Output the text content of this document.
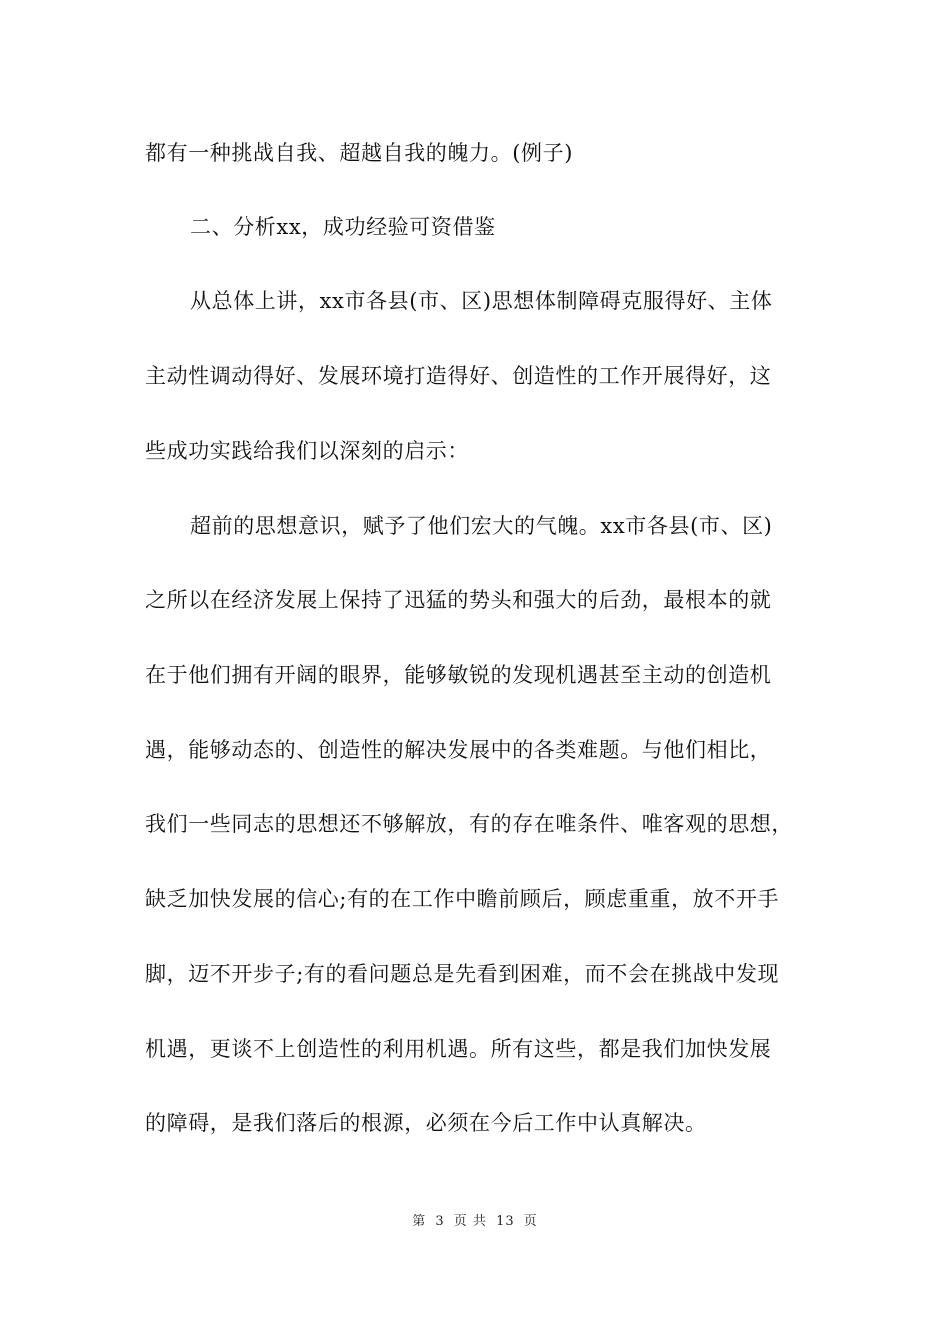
都有一种挑战自我、超越自我的魄力。(例子)
二、分析xx，成功经验可资借鉴
从总体上讲，xx市各县(市、区)思想体制障碍克服得好、主体
主动性调动得好、发展环境打造得好、创造性的工作开展得好，这
些成功实践给我们以深刻的启示：
超前的思想意识，赋予了他们宏大的气魄。xx市各县(市、区)
之所以在经济发展上保持了迅猛的势头和强大的后劲，最根本的就
在于他们拥有开阔的眼界，能够敏锐的发现机遇甚至主动的创造机
遇，能够动态的、创造性的解决发展中的各类难题。与他们相比，
我们一些同志的思想还不够解放，有的存在唯条件、唯客观的思想，
缺乏加快发展的信心;有的在工作中瞻前顾后，顾虑重重，放不开手
脚，迈不开步子;有的看问题总是先看到困难，而不会在挑战中发现
机遇，更谈不上创造性的利用机遇。所有这些，都是我们加快发展
的障碍，是我们落后的根源，必须在今后工作中认真解决。
第 3 页 共 13 页
